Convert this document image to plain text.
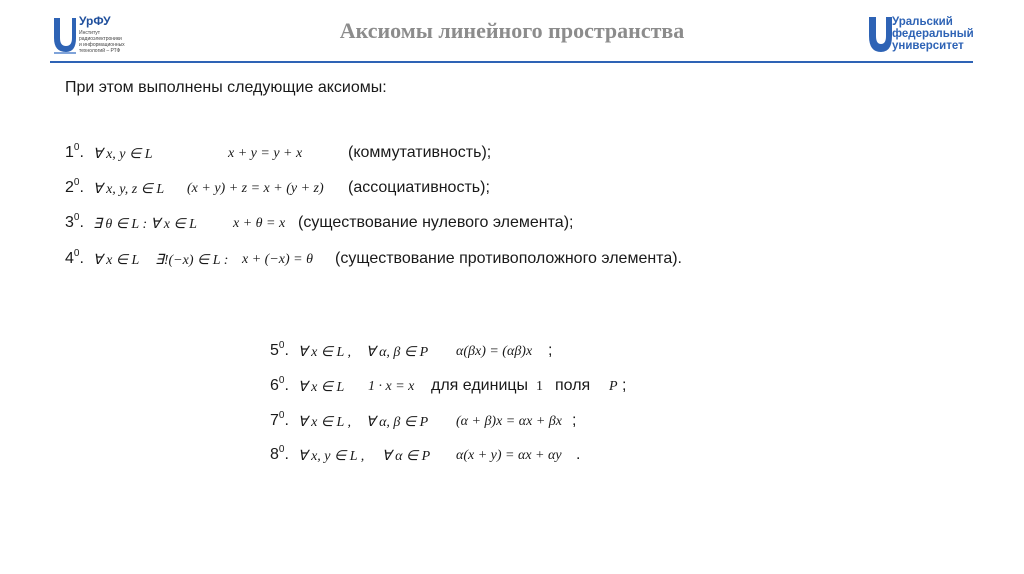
УрФУ
Институт
радиоэлектроники
и информационных
технологий – РТФ
Аксиомы линейного пространства	Уральский
федеральный
университет
При этом выполнены следующие аксиомы:
$1^0$. ∀ x, y ∈ L	x + y = y + x	(коммутативность);
$2^0$. ∀ x, y, z ∈ L (x + y) + z = x + (y + z) (ассоциативность);
$3^0$. ∃ θ ∈ L : ∀ x ∈ L	x + θ = x (существование нулевого элемента);
$4^0$. ∀ x ∈ L ∃!(−x) ∈ L : x + (−x) = θ (существование противоположного элемента).
$5^0$. ∀ x ∈ L , ∀ α, β ∈ P α(βx) = (αβ)x ;
$6^0$. ∀ x ∈ L 1 · x = x для единицы 1 поля P ;
$7^0$. ∀ x ∈ L , ∀ α, β ∈ P (α + β)x = αx + βx ;
$8^0$. ∀ x, y ∈ L , ∀ α ∈ P α(x + y) = αx + αy .
